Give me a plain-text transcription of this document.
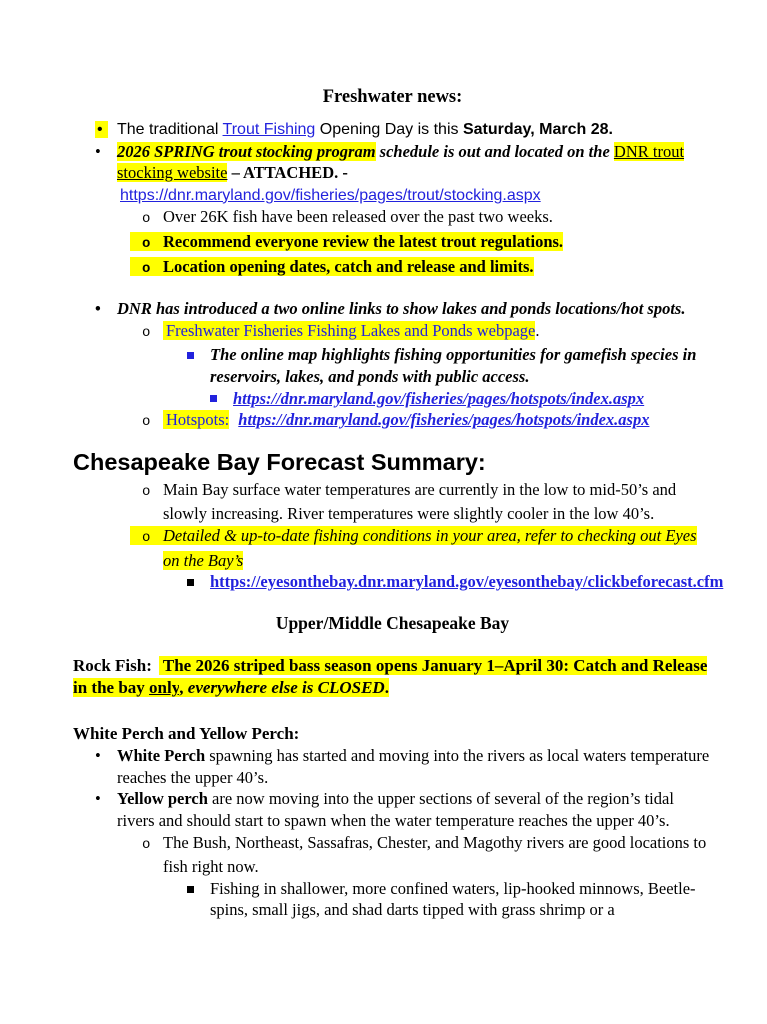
Freshwater news:
• The traditional Trout Fishing Opening Day is this Saturday, March 28.
• 2026 SPRING trout stocking program schedule is out and located on the DNR trout stocking website – ATTACHED. -
https://dnr.maryland.gov/fisheries/pages/trout/stocking.aspx
o Over 26K fish have been released over the past two weeks.
o Recommend everyone review the latest trout regulations.
o Location opening dates, catch and release and limits.
• DNR has introduced a two online links to show lakes and ponds locations/hot spots.
o Freshwater Fisheries Fishing Lakes and Ponds webpage.
The online map highlights fishing opportunities for gamefish species in reservoirs, lakes, and ponds with public access.
https://dnr.maryland.gov/fisheries/pages/hotspots/index.aspx
o Hotspots: https://dnr.maryland.gov/fisheries/pages/hotspots/index.aspx
Chesapeake Bay Forecast Summary:
o Main Bay surface water temperatures are currently in the low to mid-50’s and slowly increasing. River temperatures were slightly cooler in the low 40’s.
o Detailed & up-to-date fishing conditions in your area, refer to checking out Eyes on the Bay’s
https://eyesonthebay.dnr.maryland.gov/eyesonthebay/clickbeforecast.cfm
Upper/Middle Chesapeake Bay
Rock Fish: The 2026 striped bass season opens January 1–April 30: Catch and Release in the bay only, everywhere else is CLOSED.
White Perch and Yellow Perch:
• White Perch spawning has started and moving into the rivers as local waters temperature reaches the upper 40’s.
• Yellow perch are now moving into the upper sections of several of the region’s tidal rivers and should start to spawn when the water temperature reaches the upper 40’s.
o The Bush, Northeast, Sassafras, Chester, and Magothy rivers are good locations to fish right now.
Fishing in shallower, more confined waters, lip-hooked minnows, Beetle-spins, small jigs, and shad darts tipped with grass shrimp or a
